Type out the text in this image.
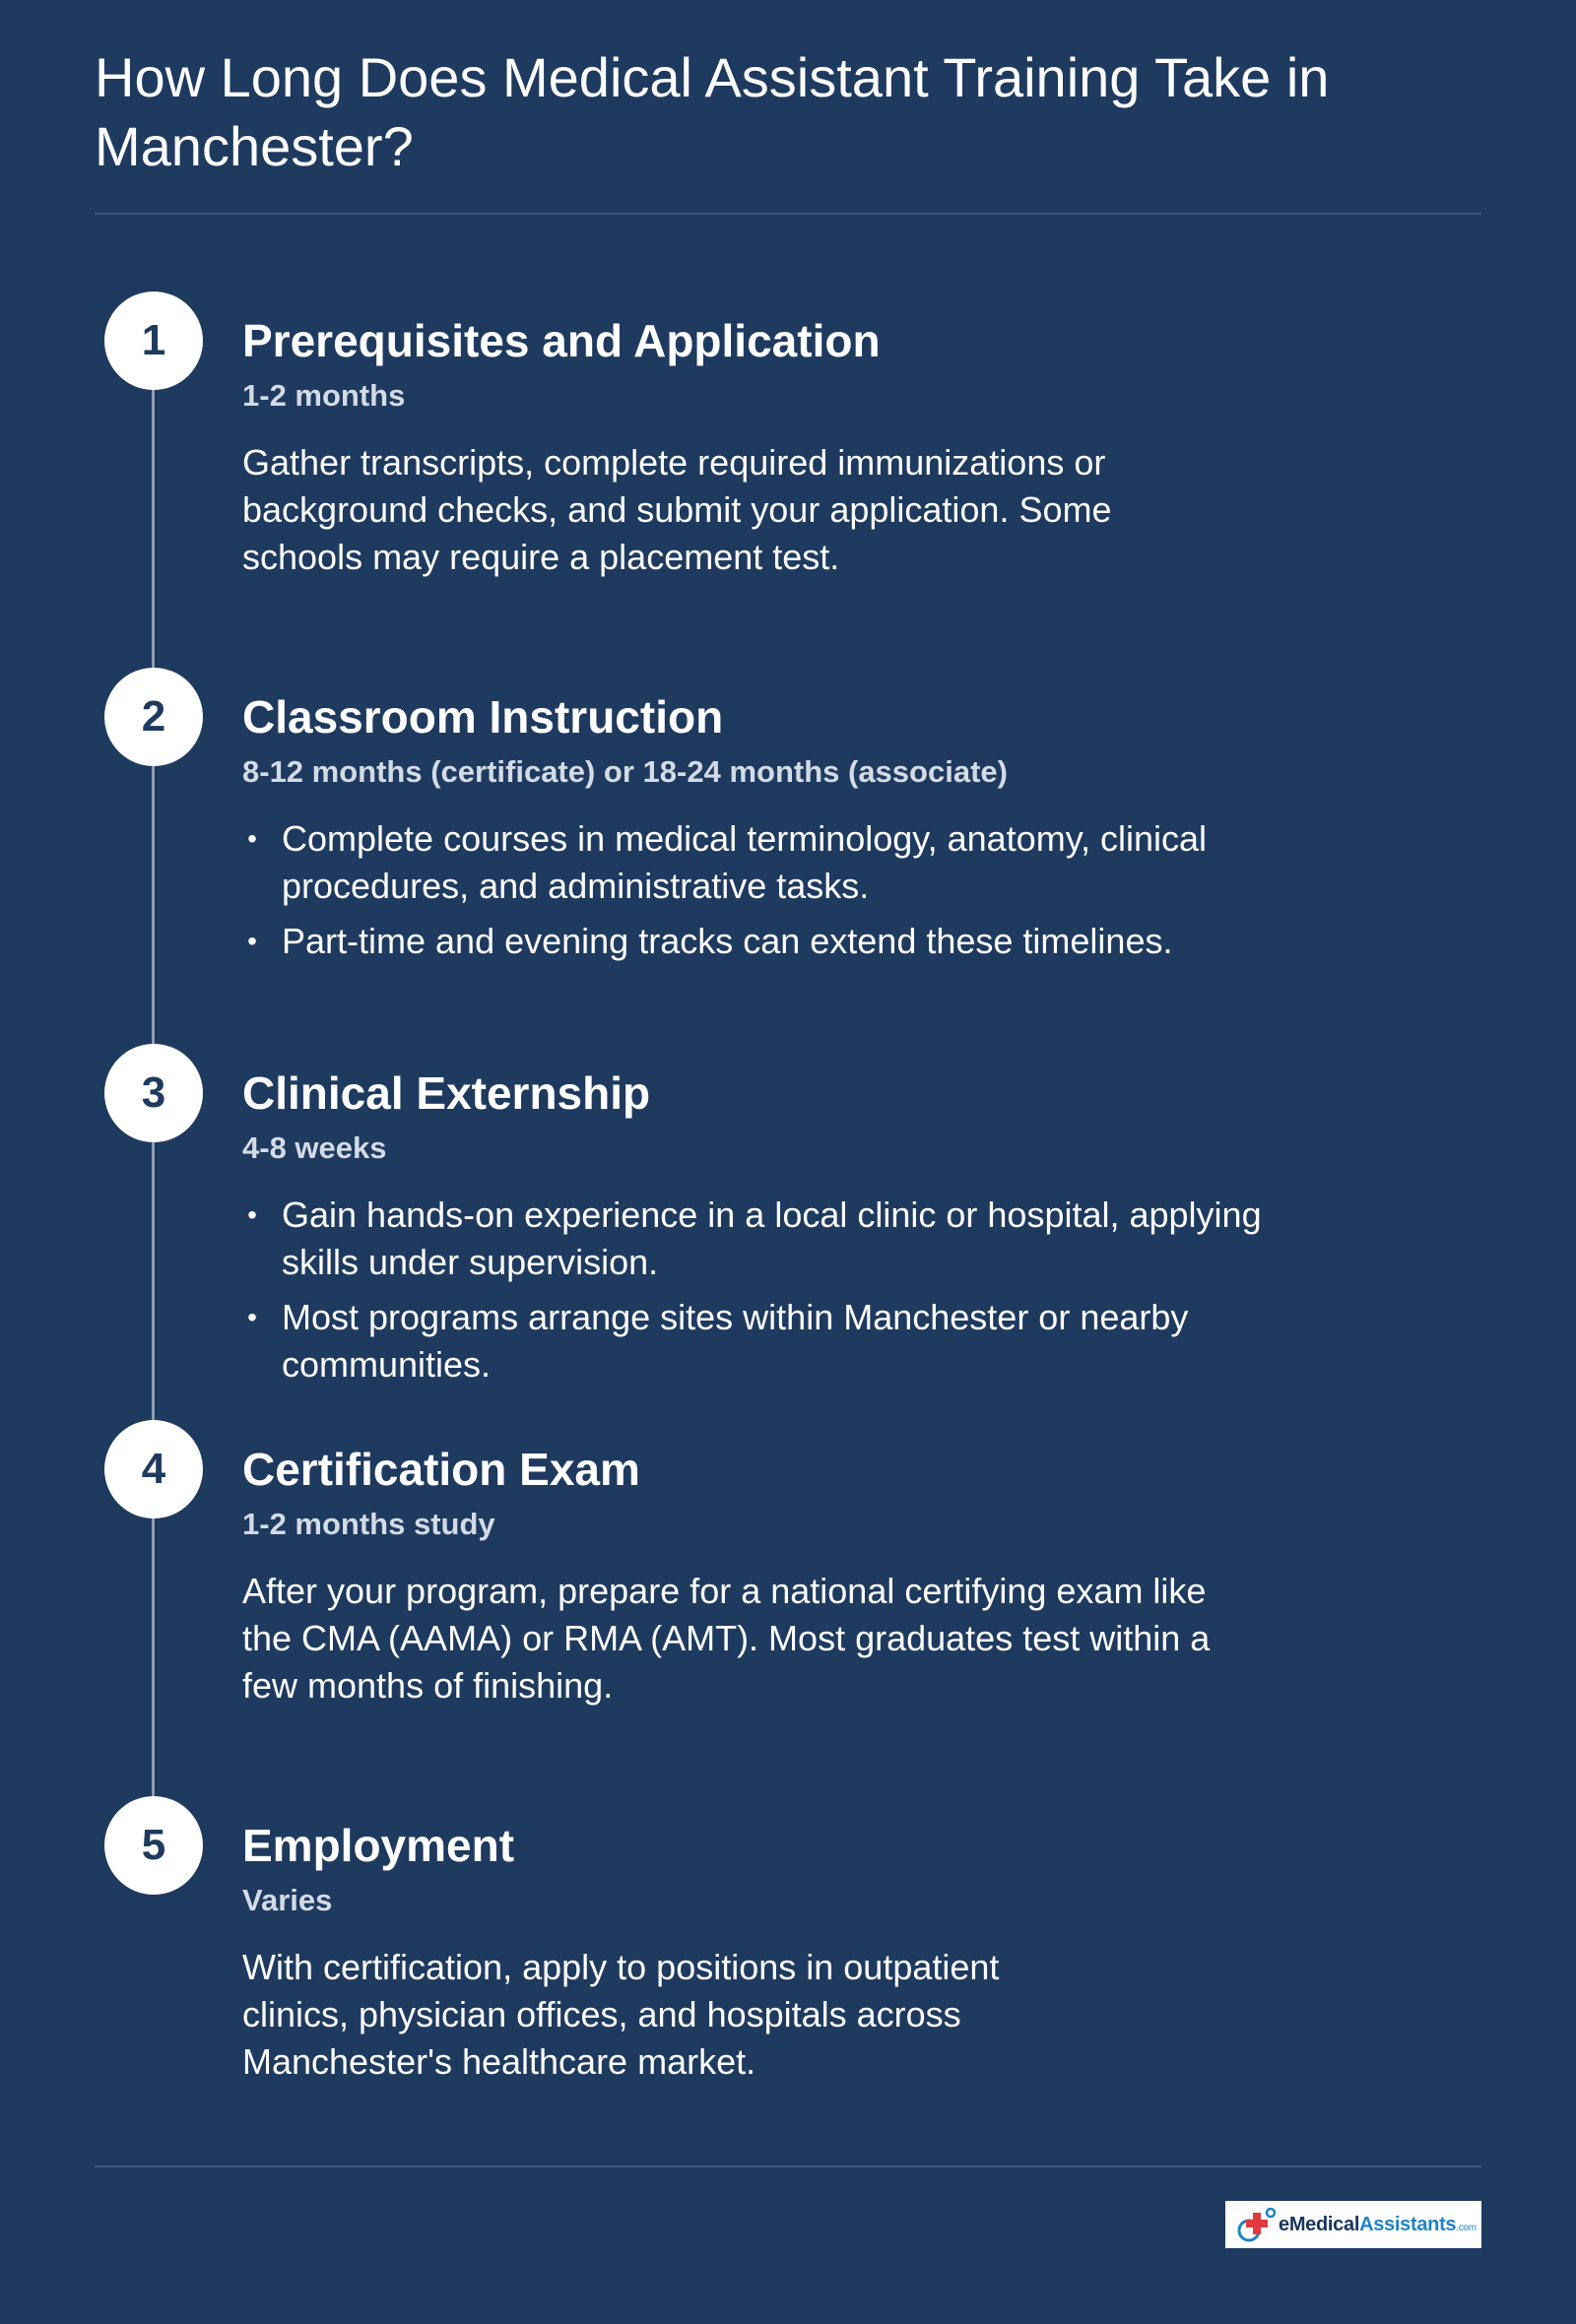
How Long Does Medical Assistant Training Take in Manchester?
1	Prerequisites and Application
1-2 months

Gather transcripts, complete required immunizations or background checks, and submit your application. Some schools may require a placement test.

2	Classroom Instruction
8-12 months (certificate) or 18-24 months (associate)
• Complete courses in medical terminology, anatomy, clinical procedures, and administrative tasks.
• Part-time and evening tracks can extend these timelines.
3	Clinical Externship
4-8 weeks
• Gain hands-on experience in a local clinic or hospital, applying skills under supervision.
• Most programs arrange sites within Manchester or nearby communities.
4	Certification Exam
1-2 months study

After your program, prepare for a national certifying exam like the CMA (AAMA) or RMA (AMT). Most graduates test within a few months of finishing.

5	Employment
Varies

With certification, apply to positions in outpatient clinics, physician offices, and hospitals across Manchester's healthcare market.

eMedicalAssistants.com
